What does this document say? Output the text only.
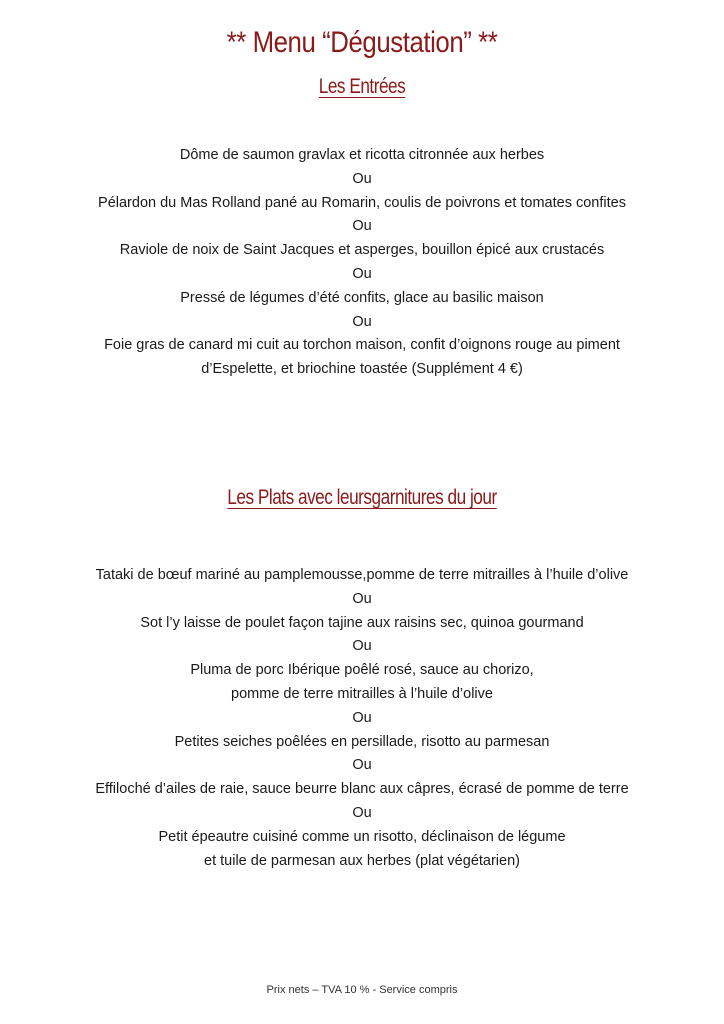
** Menu “Dégustation” **
Les Entrées
Dôme de saumon gravlax et ricotta citronnée aux herbes
Ou
Pélardon du Mas Rolland pané au Romarin, coulis de poivrons et tomates confites
Ou
Raviole de noix de Saint Jacques et asperges, bouillon épicé aux crustacés
Ou
Pressé de légumes d’été confits, glace au basilic maison
Ou
Foie gras de canard mi cuit au torchon maison, confit d’oignons rouge au piment
d’Espelette, et briochine toastée (Supplément 4 €)
Les Plats avec leursgarnitures du jour
Tataki de bœuf mariné au pamplemousse,pomme de terre mitrailles à l’huile d’olive
Ou
Sot l’y laisse de poulet façon tajine aux raisins sec, quinoa gourmand
Ou
Pluma de porc Ibérique poêlé rosé, sauce au chorizo,
pomme de terre mitrailles à l’huile d’olive
Ou
Petites seiches poêlées en persillade, risotto au parmesan
Ou
Effiloché d’ailes de raie, sauce beurre blanc aux câpres, écrasé de pomme de terre
Ou
Petit épeautre cuisiné comme un risotto, déclinaison de légume
et tuile de parmesan aux herbes (plat végétarien)
Prix nets – TVA 10 % - Service compris
